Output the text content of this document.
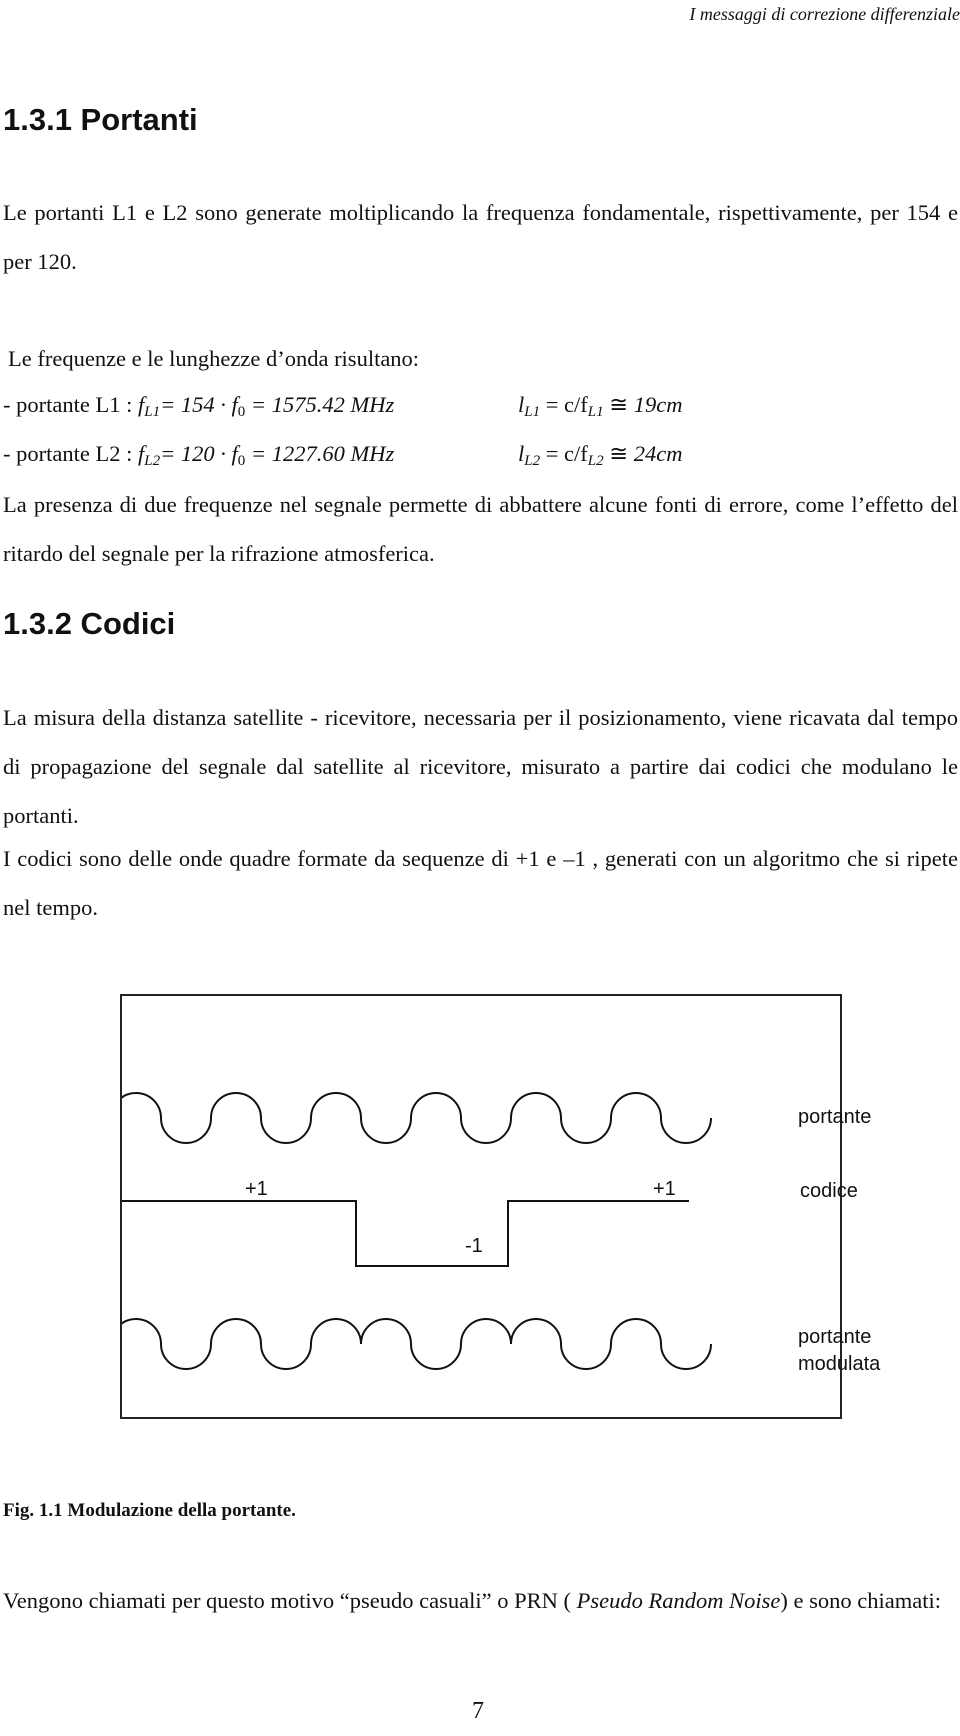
I messaggi di correzione differenziale
1.3.1 Portanti

Le portanti L1 e L2 sono generate moltiplicando la frequenza fondamentale, rispettivamente, per 154 e per 120.

Le frequenze e le lunghezze d’onda risultano:

- portante L1 : $f_{L1}= 154 \cdot f_0 = 1575.42$ MHz	$l_{L1} = c/f_{L1}$ ≅ 19cm
- portante L2 : $f_{L2}= 120 \cdot f_0 = 1227.60$ MHz	$l_{L2} = c/f_{L2}$ ≅ 24cm

La presenza di due frequenze nel segnale permette di abbattere alcune fonti di errore, come l’effetto del ritardo del segnale per la rifrazione atmosferica.

1.3.2 Codici

La misura della distanza satellite - ricevitore, necessaria per il posizionamento, viene ricavata dal tempo di propagazione del segnale dal satellite al ricevitore, misurato a partire dai codici che modulano le portanti.

I codici sono delle onde quadre formate da sequenze di +1 e –1 , generati con un algoritmo che si ripete nel tempo.

portante
codice
+1	+1
-1
portante
modulata
Fig. 1.1 Modulazione della portante.

Vengono chiamati per questo motivo “pseudo casuali” o PRN ( Pseudo Random Noise) e sono chiamati:

7
